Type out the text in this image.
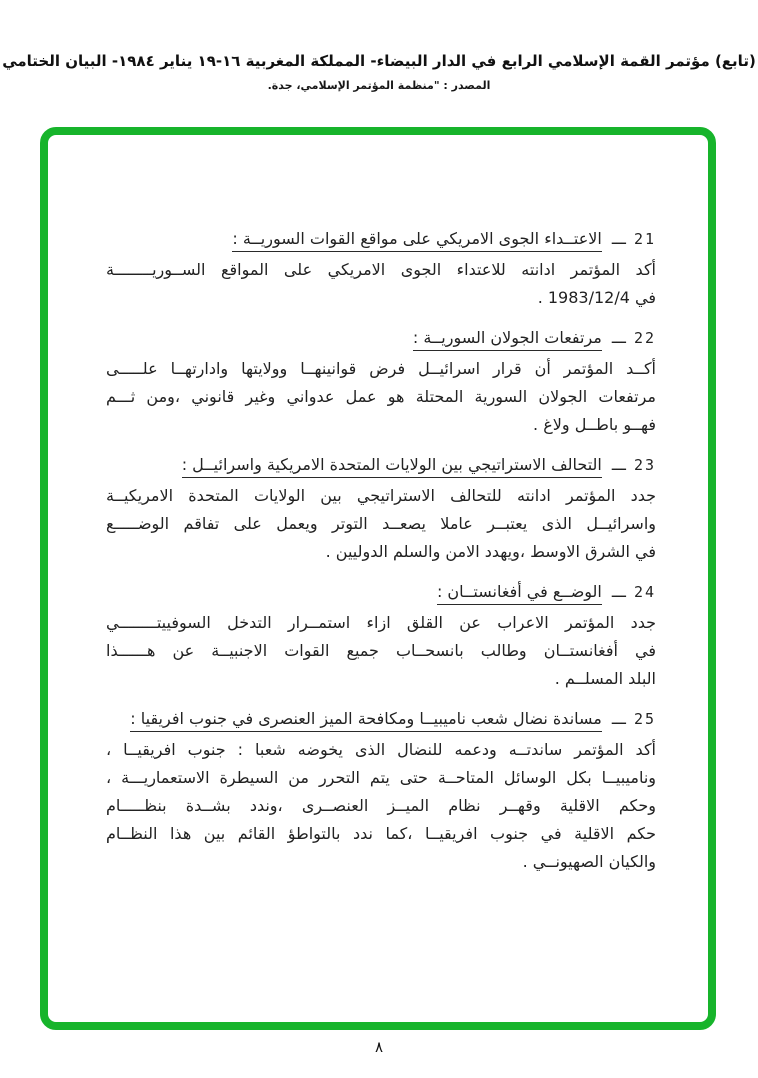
(تابع) مؤتمر القمة الإسلامي الرابع في الدار البيضاء- المملكة المغربية ١٦-١٩ يناير ١٩٨٤- البيان الختامي
المصدر : "منظمة المؤتمر الإسلامي، جدة.
21ـــالاعتــداء الجوى الامريكي على مواقع القوات السوريــة :
أكد المؤتمر ادانته للاعتداء الجوى الامريكي على المواقع الســوريــــــــة
في 1983/12/4 .
22ـــمرتفعات الجولان السوريــة :
أكــد المؤتمر أن قرار اسرائيــل فرض قوانينهــا وولايتها وادارتهــا علـــــى
مرتفعات الجولان السورية المحتلة هو عمل عدواني وغير قانوني ،ومن ثـــم
فهــو باطــل ولاغ .
23ـــالتحالف الاستراتيجي بين الولايات المتحدة الامريكية واسرائيــل :
جدد المؤتمر ادانته للتحالف الاستراتيجي بين الولايات المتحدة الامريكيــة
واسرائيــل الذى يعتبــر عاملا يصعــد التوتر ويعمل على تفاقم الوضـــــع
في الشرق الاوسط ،ويهدد الامن والسلم الدوليين .
24ـــالوضــع في أفغانستــان :
جدد المؤتمر الاعراب عن القلق ازاء استمــرار التدخل السوفييتــــــــي
في أفغانستــان وطالب بانسحــاب جميع القوات الاجنبيــة عن هــــــذا
البلد المسلــم .
25ـــمساندة نضال شعب ناميبيــا ومكافحة الميز العنصرى في جنوب افريقيا :
أكد المؤتمر ساندتــه ودعمه للنضال الذى يخوضه شعبا : جنوب افريقيــا ،
وناميبيــا بكل الوسائل المتاحــة حتى يتم التحرر من السيطرة الاستعماريـــة ،
وحكم الاقلية وقهــر نظام الميــز العنصــرى ،وندد بشــدة بنظـــــام
حكم الاقلية في جنوب افريقيــا ،كما ندد بالتواطؤ القائم بين هذا النظــام
والكيان الصهيونــي .
٨
